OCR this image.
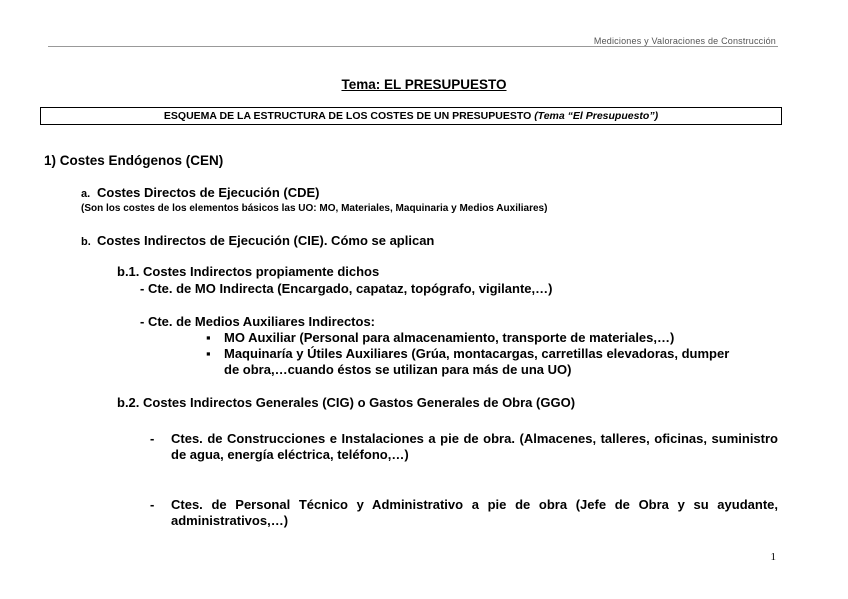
Mediciones y Valoraciones de Construcción
Tema: EL PRESUPUESTO
ESQUEMA DE LA ESTRUCTURA DE LOS COSTES DE UN PRESUPUESTO (Tema “El Presupuesto”)
1) Costes Endógenos (CEN)
a. Costes Directos de Ejecución (CDE)
(Son los costes de los elementos básicos las UO: MO, Materiales, Maquinaria y Medios Auxiliares)
b. Costes Indirectos de Ejecución (CIE). Cómo se aplican
b.1. Costes Indirectos propiamente dichos
- Cte. de MO Indirecta (Encargado, capataz, topógrafo, vigilante,…)
- Cte. de Medios Auxiliares Indirectos:
▪ MO Auxiliar (Personal para almacenamiento, transporte de materiales,…)
▪ Maquinaría y Útiles Auxiliares (Grúa, montacargas, carretillas elevadoras, dumper
de obra,…cuando éstos se utilizan para más de una UO)
b.2. Costes Indirectos Generales (CIG) o Gastos Generales de Obra (GGO)
- Ctes. de Construcciones e Instalaciones a pie de obra. (Almacenes, talleres, oficinas, suministro de agua, energía eléctrica, teléfono,…)
- Ctes. de Personal Técnico y Administrativo a pie de obra (Jefe de Obra y su ayudante, administrativos,…)
1
